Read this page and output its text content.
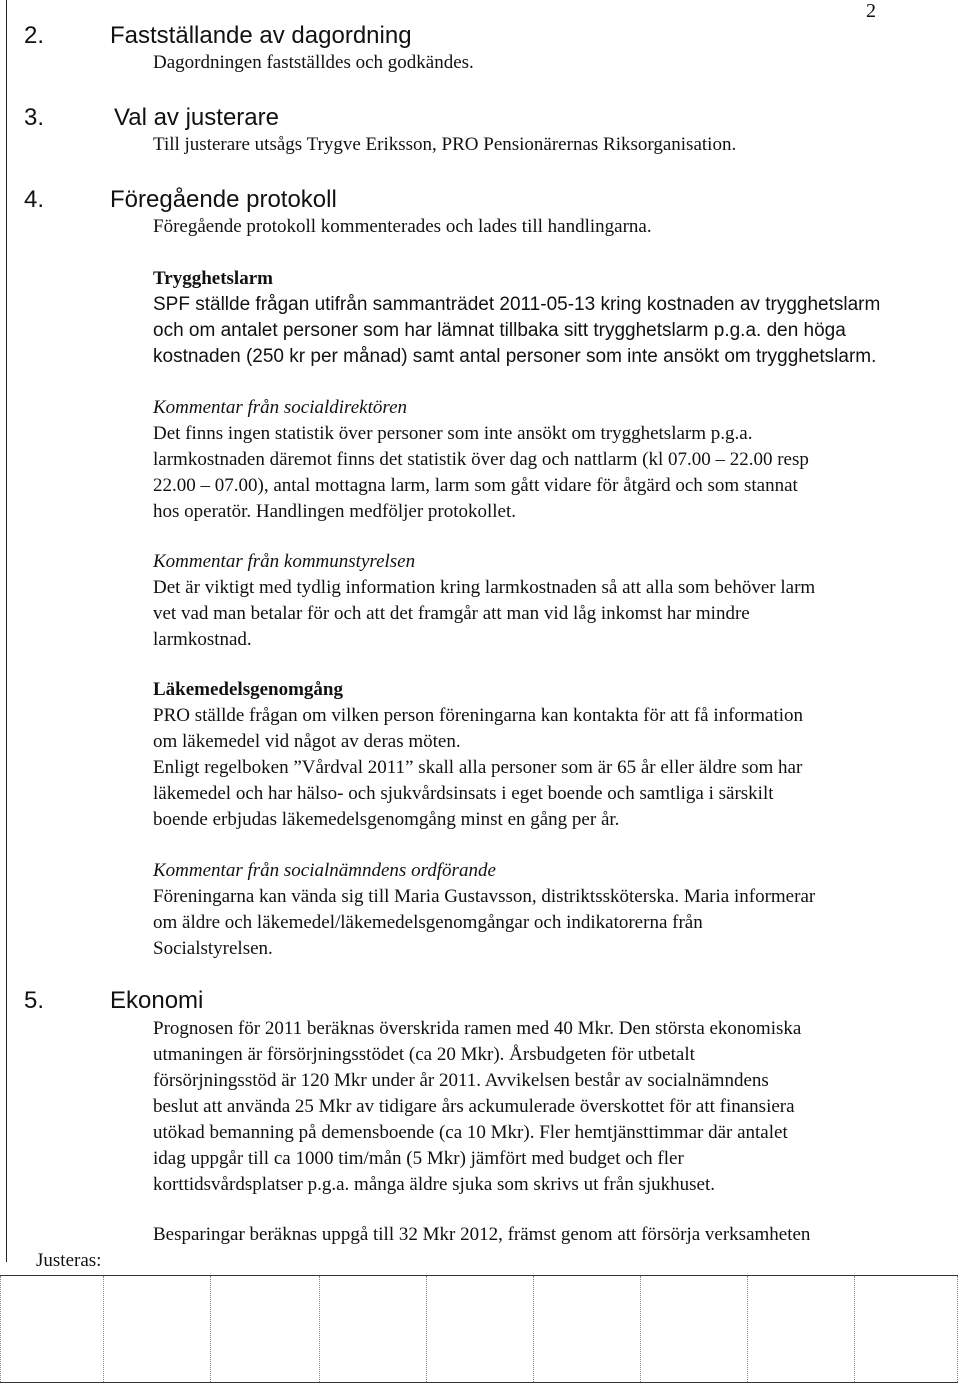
2
2.	Fastställande av dagordning

Dagordningen fastställdes och godkändes.

3.	Val av justerare

Till justerare utsågs Trygve Eriksson, PRO Pensionärernas Riksorganisation.

4.	Föregående protokoll

Föregående protokoll kommenterades och lades till handlingarna.

Trygghetslarm

SPF ställde frågan utifrån sammanträdet 2011-05-13 kring kostnaden av trygghetslarm
och om antalet personer som har lämnat tillbaka sitt trygghetslarm p.g.a. den höga
kostnaden (250 kr per månad) samt antal personer som inte ansökt om trygghetslarm.

Kommentar från socialdirektören

Det finns ingen statistik över personer som inte ansökt om trygghetslarm p.g.a.
larmkostnaden däremot finns det statistik över dag och nattlarm (kl 07.00 – 22.00 resp
22.00 – 07.00), antal mottagna larm, larm som gått vidare för åtgärd och som stannat
hos operatör. Handlingen medföljer protokollet.

Kommentar från kommunstyrelsen

Det är viktigt med tydlig information kring larmkostnaden så att alla som behöver larm
vet vad man betalar för och att det framgår att man vid låg inkomst har mindre
larmkostnad.

Läkemedelsgenomgång

PRO ställde frågan om vilken person föreningarna kan kontakta för att få information
om läkemedel vid något av deras möten.
Enligt regelboken ”Vårdval 2011” skall alla personer som är 65 år eller äldre som har
läkemedel och har hälso- och sjukvårdsinsats i eget boende och samtliga i särskilt
boende erbjudas läkemedelsgenomgång minst en gång per år.

Kommentar från socialnämndens ordförande

Föreningarna kan vända sig till Maria Gustavsson, distriktssköterska. Maria informerar
om äldre och läkemedel/läkemedelsgenomgångar och indikatorerna från
Socialstyrelsen.
5.	Ekonomi
Prognosen för 2011 beräknas överskrida ramen med 40 Mkr. Den största ekonomiska
utmaningen är försörjningsstödet (ca 20 Mkr). Årsbudgeten för utbetalt
försörjningsstöd är 120 Mkr under år 2011. Avvikelsen består av socialnämndens
beslut att använda 25 Mkr av tidigare års ackumulerade överskottet för att finansiera
utökad bemanning på demensboende (ca 10 Mkr). Fler hemtjänsttimmar där antalet
idag uppgår till ca 1000 tim/mån (5 Mkr) jämfört med budget och fler
korttidsvårdsplatser p.g.a. många äldre sjuka som skrivs ut från sjukhuset.
Besparingar beräknas uppgå till 32 Mkr 2012, främst genom att försörja verksamheten
Justeras:
